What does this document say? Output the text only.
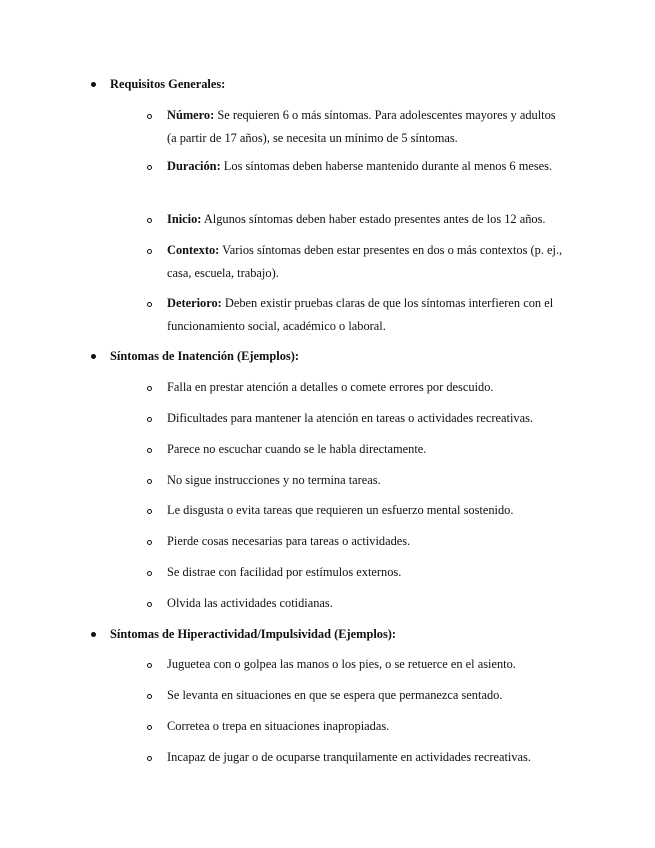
Requisitos Generales:
Número: Se requieren 6 o más síntomas. Para adolescentes mayores y adultos (a partir de 17 años), se necesita un mínimo de 5 síntomas.
Duración: Los síntomas deben haberse mantenido durante al menos 6 meses.
Inicio: Algunos síntomas deben haber estado presentes antes de los 12 años.
Contexto: Varios síntomas deben estar presentes en dos o más contextos (p. ej., casa, escuela, trabajo).
Deterioro: Deben existir pruebas claras de que los síntomas interfieren con el funcionamiento social, académico o laboral.
Síntomas de Inatención (Ejemplos):
Falla en prestar atención a detalles o comete errores por descuido.
Dificultades para mantener la atención en tareas o actividades recreativas.
Parece no escuchar cuando se le habla directamente.
No sigue instrucciones y no termina tareas.
Le disgusta o evita tareas que requieren un esfuerzo mental sostenido.
Pierde cosas necesarias para tareas o actividades.
Se distrae con facilidad por estímulos externos.
Olvida las actividades cotidianas.
Síntomas de Hiperactividad/Impulsividad (Ejemplos):
Juguetea con o golpea las manos o los pies, o se retuerce en el asiento.
Se levanta en situaciones en que se espera que permanezca sentado.
Corretea o trepa en situaciones inapropiadas.
Incapaz de jugar o de ocuparse tranquilamente en actividades recreativas.
